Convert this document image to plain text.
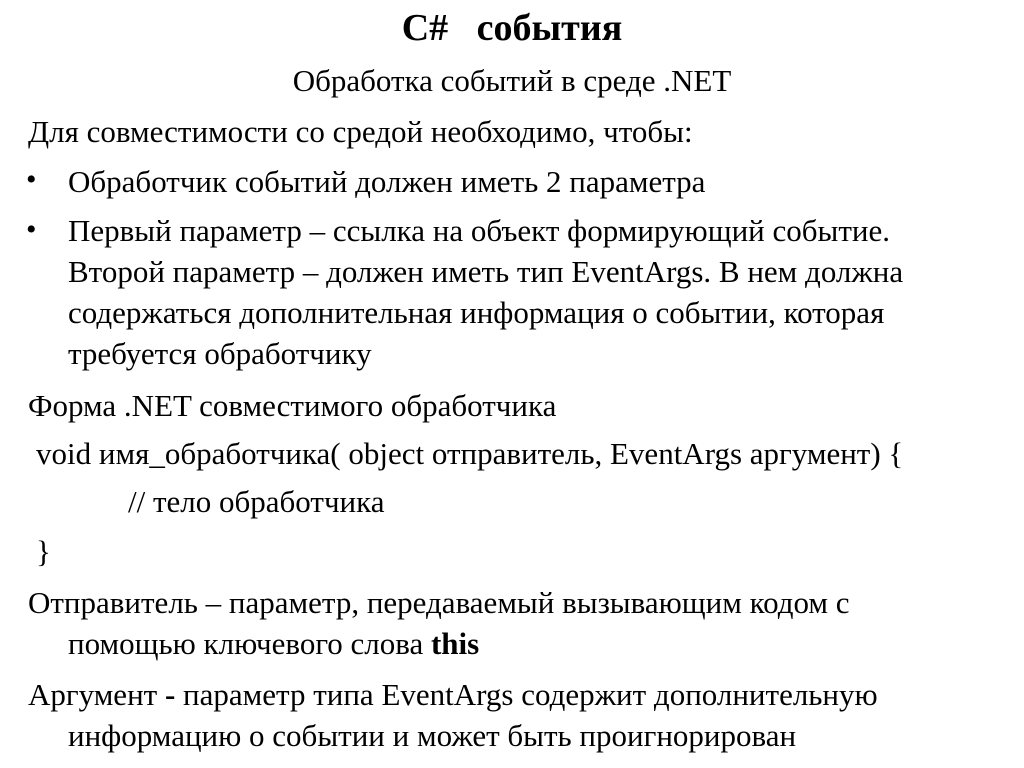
C#   события
Обработка событий в среде .NET
Для совместимости со средой необходимо, чтобы:
• Обработчик событий должен иметь 2 параметра
• Первый параметр – ссылка на объект формирующий событие.
Второй параметр – должен иметь тип EventArgs. В нем должна
содержаться дополнительная информация о событии, которая
требуется обработчику
Форма .NET совместимого обработчика
void имя_обработчика( object отправитель, EventArgs аргумент) {
// тело обработчика
}
Отправитель – параметр, передаваемый вызывающим кодом с
помощью ключевого слова this
Аргумент - параметр типа EventArgs содержит дополнительную
информацию о событии и может быть проигнорирован
